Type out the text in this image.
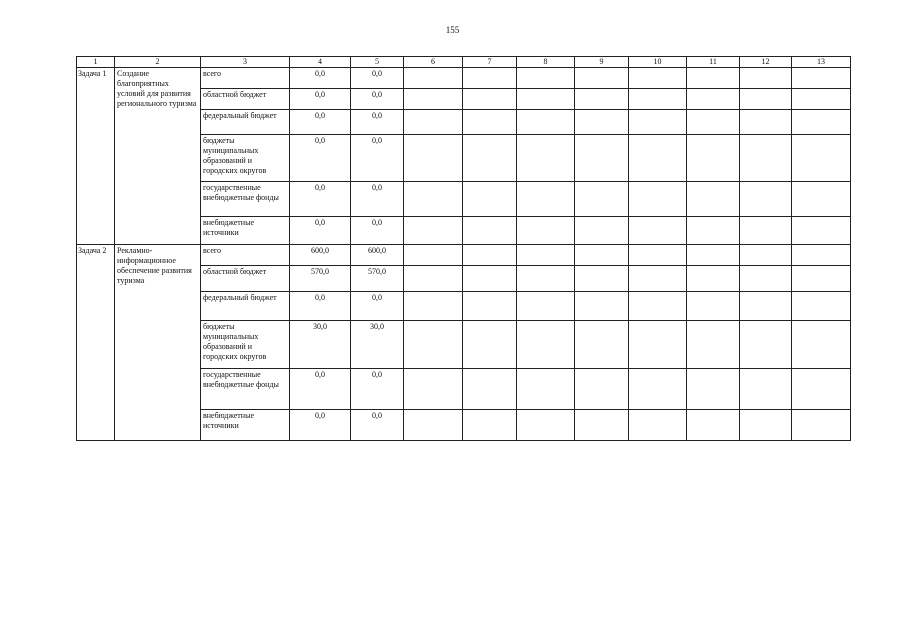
155
1	2	3	4	5	6	7	8	9	10	11	12	13
Задача 1	Создание благоприятных условий для развития регионального туризма	всего	0,0	0,0								
		областной бюджет	0,0	0,0								
		федеральный бюджет	0,0	0,0								
		бюджеты муниципальных образований и городских округов	0,0	0,0								
		государственные внебюджетные фонды	0,0	0,0								
		внебюджетные источники	0,0	0,0								
Задача 2	Рекламно-информационное обеспечение развития туризма	всего	600,0	600,0								
		областной бюджет	570,0	570,0								
		федеральный бюджет	0,0	0,0								
		бюджеты муниципальных образований и городских округов	30,0	30,0								
		государственные внебюджетные фонды	0,0	0,0								
		внебюджетные источники	0,0	0,0								
